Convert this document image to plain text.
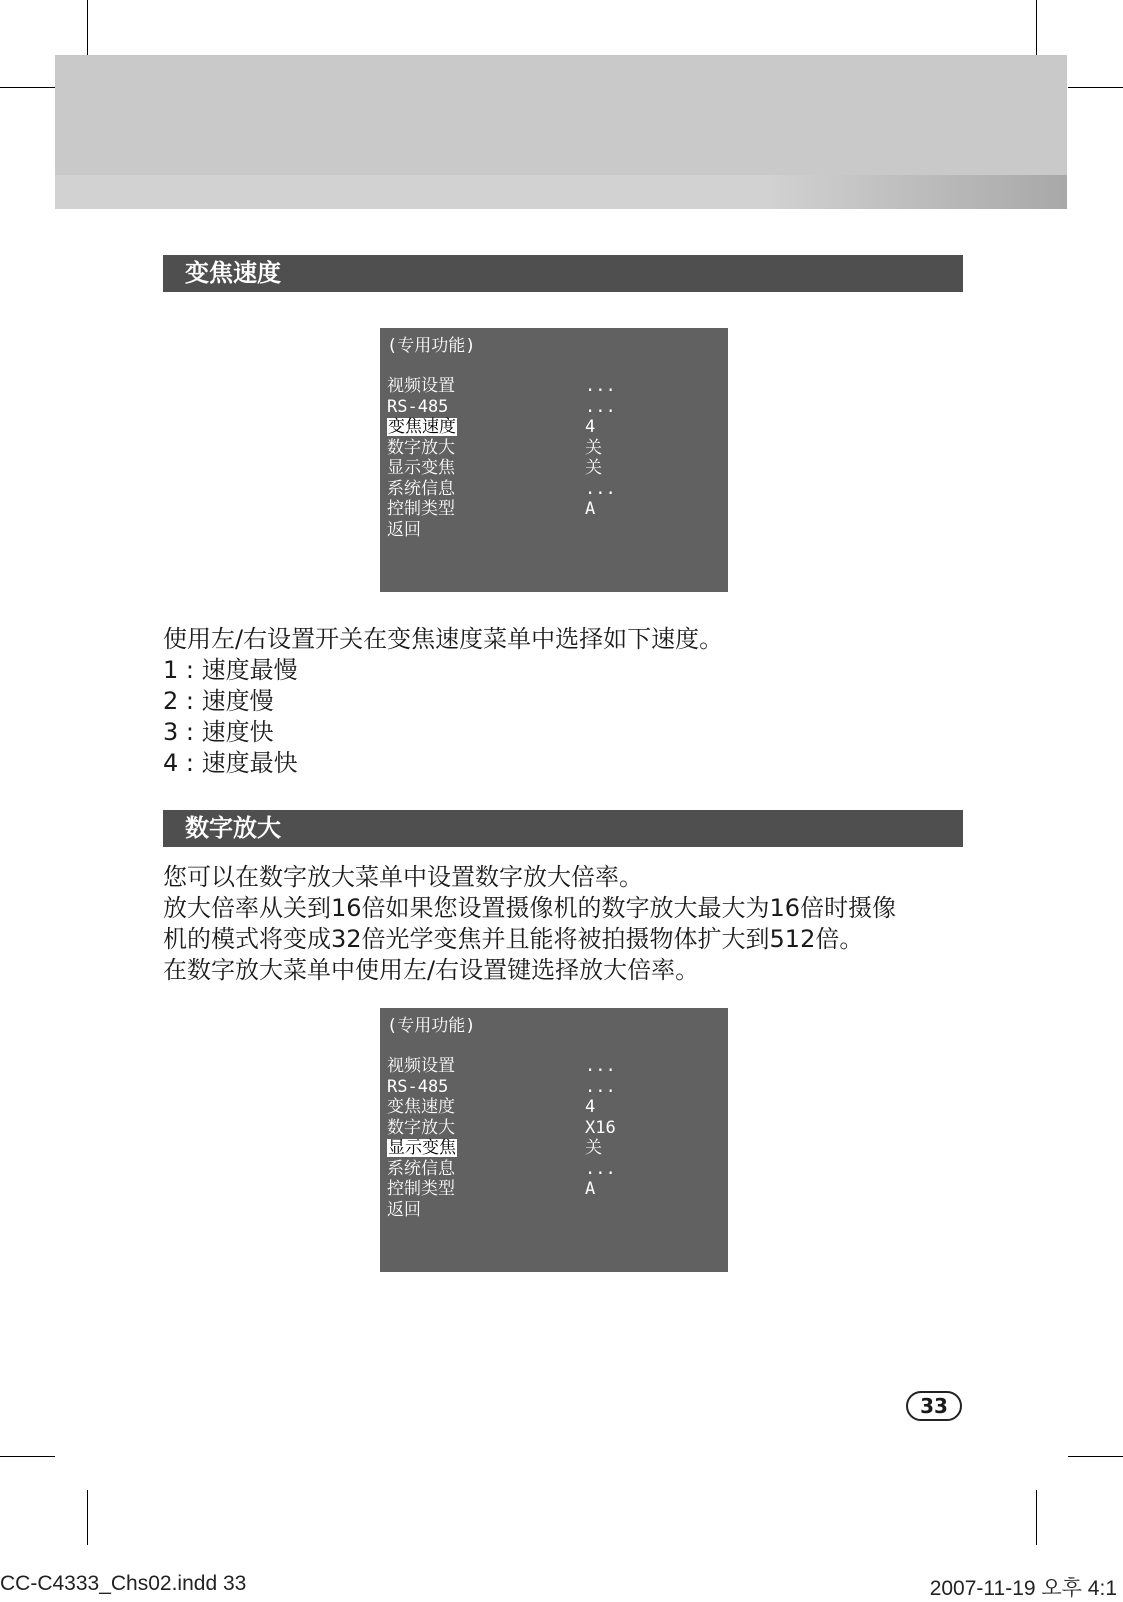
变焦速度
(专用功能)
视频设置	...
RS-485	...
变焦速度	4
数字放大	关
显示变焦	关
系统信息	...
控制类型	A
返回
使用左/右设置开关在变焦速度菜单中选择如下速度。
1 : 速度最慢
2 : 速度慢
3 : 速度快
4 : 速度最快
数字放大
您可以在数字放大菜单中设置数字放大倍率。
放大倍率从关到16倍如果您设置摄像机的数字放大最大为16倍时摄像
机的模式将变成32倍光学变焦并且能将被拍摄物体扩大到512倍。
在数字放大菜单中使用左/右设置键选择放大倍率。
(专用功能)
视频设置	...
RS-485	...
变焦速度	4
数字放大	X16
显示变焦	关
系统信息	...
控制类型	A
返回
33
CC-C4333_Chs02.indd 33	2007-11-19 오후 4:1
